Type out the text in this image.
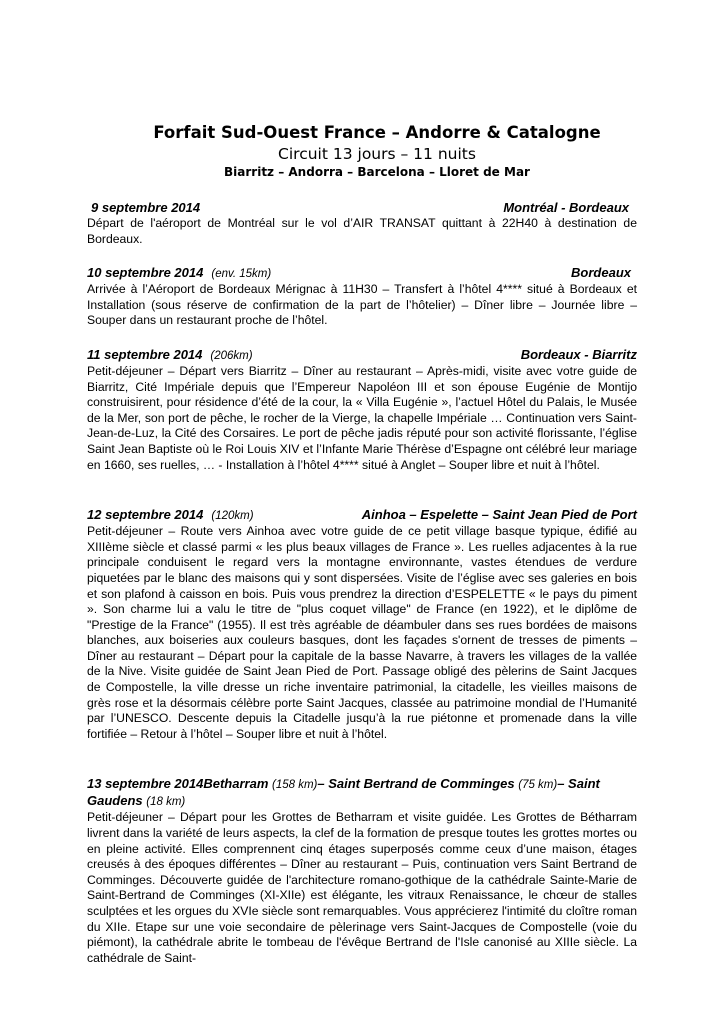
Forfait Sud-Ouest France – Andorre & Catalogne
Circuit 13 jours – 11 nuits
Biarritz – Andorra – Barcelona – Lloret de Mar
9 septembre 2014	Montréal - Bordeaux
Départ de l'aéroport de Montréal sur le vol d’AIR TRANSAT quittant à 22H40 à destination de Bordeaux.
10 septembre 2014 (env. 15km)	Bordeaux
Arrivée à l’Aéroport de Bordeaux Mérignac à 11H30 – Transfert à l’hôtel 4**** situé à Bordeaux et Installation (sous réserve de confirmation de la part de l’hôtelier) – Dîner libre – Journée libre – Souper dans un restaurant proche de l’hôtel.
11 septembre 2014 (206km)	Bordeaux - Biarritz
Petit-déjeuner – Départ vers Biarritz – Dîner au restaurant – Après-midi, visite avec votre guide de Biarritz, Cité Impériale depuis que l’Empereur Napoléon III et son épouse Eugénie de Montijo construisirent, pour résidence d’été de la cour, la « Villa Eugénie », l’actuel Hôtel du Palais, le Musée de la Mer, son port de pêche, le rocher de la Vierge, la chapelle Impériale … Continuation vers Saint-Jean-de-Luz, la Cité des Corsaires. Le port de pêche jadis réputé pour son activité florissante, l’église Saint Jean Baptiste où le Roi Louis XIV et l’Infante Marie Thérèse d’Espagne ont célébré leur mariage en 1660, ses ruelles, … - Installation à l’hôtel 4**** situé à Anglet – Souper libre et nuit à l’hôtel.
12 septembre 2014 (120km)	Ainhoa – Espelette – Saint Jean Pied de Port
Petit-déjeuner – Route vers Ainhoa avec votre guide de ce petit village basque typique, édifié au XIIIème siècle et classé parmi « les plus beaux villages de France ». Les ruelles adjacentes à la rue principale conduisent le regard vers la montagne environnante, vastes étendues de verdure piquetées par le blanc des maisons qui y sont dispersées. Visite de l’église avec ses galeries en bois et son plafond à caisson en bois. Puis vous prendrez la direction d’ESPELETTE « le pays du piment ». Son charme lui a valu le titre de "plus coquet village" de France (en 1922), et le diplôme de "Prestige de la France" (1955). Il est très agréable de déambuler dans ses rues bordées de maisons blanches, aux boiseries aux couleurs basques, dont les façades s'ornent de tresses de piments – Dîner au restaurant – Départ pour la capitale de la basse Navarre, à travers les villages de la vallée de la Nive. Visite guidée de Saint Jean Pied de Port. Passage obligé des pèlerins de Saint Jacques de Compostelle, la ville dresse un riche inventaire patrimonial, la citadelle, les vieilles maisons de grès rose et la désormais célèbre porte Saint Jacques, classée au patrimoine mondial de l’Humanité par l’UNESCO. Descente depuis la Citadelle jusqu’à la rue piétonne et promenade dans la ville fortifiée – Retour à l’hôtel – Souper libre et nuit à l’hôtel.
13 septembre 2014Betharram (158 km)– Saint Bertrand de Comminges (75 km)– Saint Gaudens (18 km)
Petit-déjeuner – Départ pour les Grottes de Betharram et visite guidée. Les Grottes de Bétharram livrent dans la variété de leurs aspects, la clef de la formation de presque toutes les grottes mortes ou en pleine activité. Elles comprennent cinq étages superposés comme ceux d’une maison, étages creusés à des époques différentes – Dîner au restaurant – Puis, continuation vers Saint Bertrand de Comminges. Découverte guidée de l'architecture romano-gothique de la cathédrale Sainte-Marie de Saint-Bertrand de Comminges (XI-XIIe) est élégante, les vitraux Renaissance, le chœur de stalles sculptées et les orgues du XVIe siècle sont remarquables. Vous apprécierez l'intimité du cloître roman du XIIe. Etape sur une voie secondaire de pèlerinage vers Saint-Jacques de Compostelle (voie du piémont), la cathédrale abrite le tombeau de l'évêque Bertrand de l'Isle canonisé au XIIIe siècle. La cathédrale de Saint-
